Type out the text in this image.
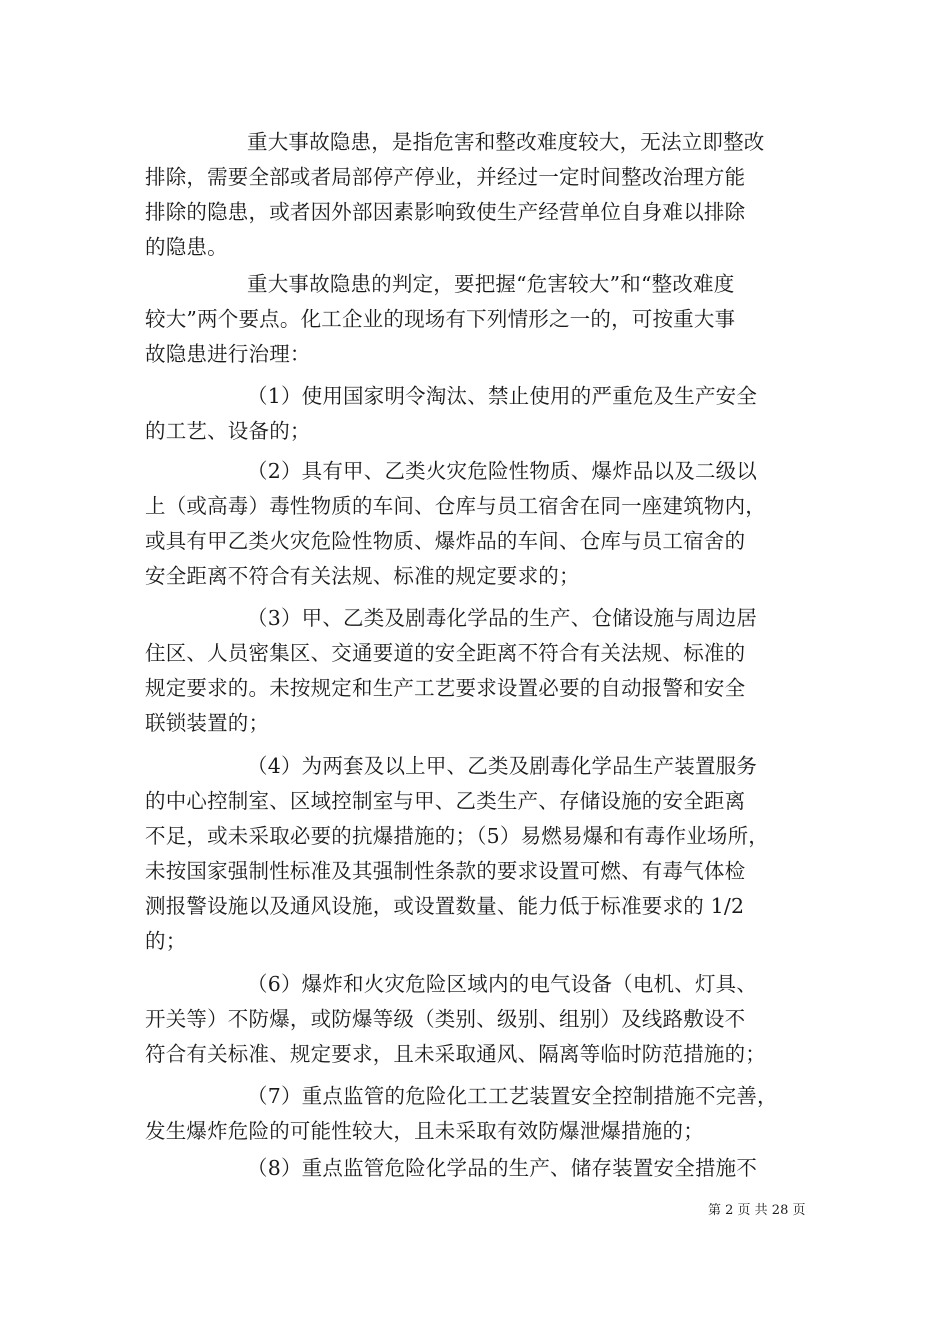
重大事故隐患，是指危害和整改难度较大，无法立即整改
排除，需要全部或者局部停产停业，并经过一定时间整改治理方能
排除的隐患，或者因外部因素影响致使生产经营单位自身难以排除
的隐患。
重大事故隐患的判定，要把握“危害较大”和“整改难度
较大”两个要点。化工企业的现场有下列情形之一的，可按重大事
故隐患进行治理：
（1）使用国家明令淘汰、禁止使用的严重危及生产安全
的工艺、设备的；
（2）具有甲、乙类火灾危险性物质、爆炸品以及二级以
上（或高毒）毒性物质的车间、仓库与员工宿舍在同一座建筑物内，
或具有甲乙类火灾危险性物质、爆炸品的车间、仓库与员工宿舍的
安全距离不符合有关法规、标准的规定要求的；
（3）甲、乙类及剧毒化学品的生产、仓储设施与周边居
住区、人员密集区、交通要道的安全距离不符合有关法规、标准的
规定要求的。未按规定和生产工艺要求设置必要的自动报警和安全
联锁装置的；
（4）为两套及以上甲、乙类及剧毒化学品生产装置服务
的中心控制室、区域控制室与甲、乙类生产、存储设施的安全距离
不足，或未采取必要的抗爆措施的；（5）易燃易爆和有毒作业场所，
未按国家强制性标准及其强制性条款的要求设置可燃、有毒气体检
测报警设施以及通风设施，或设置数量、能力低于标准要求的 1/2
的；
（6）爆炸和火灾危险区域内的电气设备（电机、灯具、
开关等）不防爆，或防爆等级（类别、级别、组别）及线路敷设不
符合有关标准、规定要求，且未采取通风、隔离等临时防范措施的；
（7）重点监管的危险化工工艺装置安全控制措施不完善，
发生爆炸危险的可能性较大，且未采取有效防爆泄爆措施的；
（8）重点监管危险化学品的生产、储存装置安全措施不
第 2 页 共 28 页
